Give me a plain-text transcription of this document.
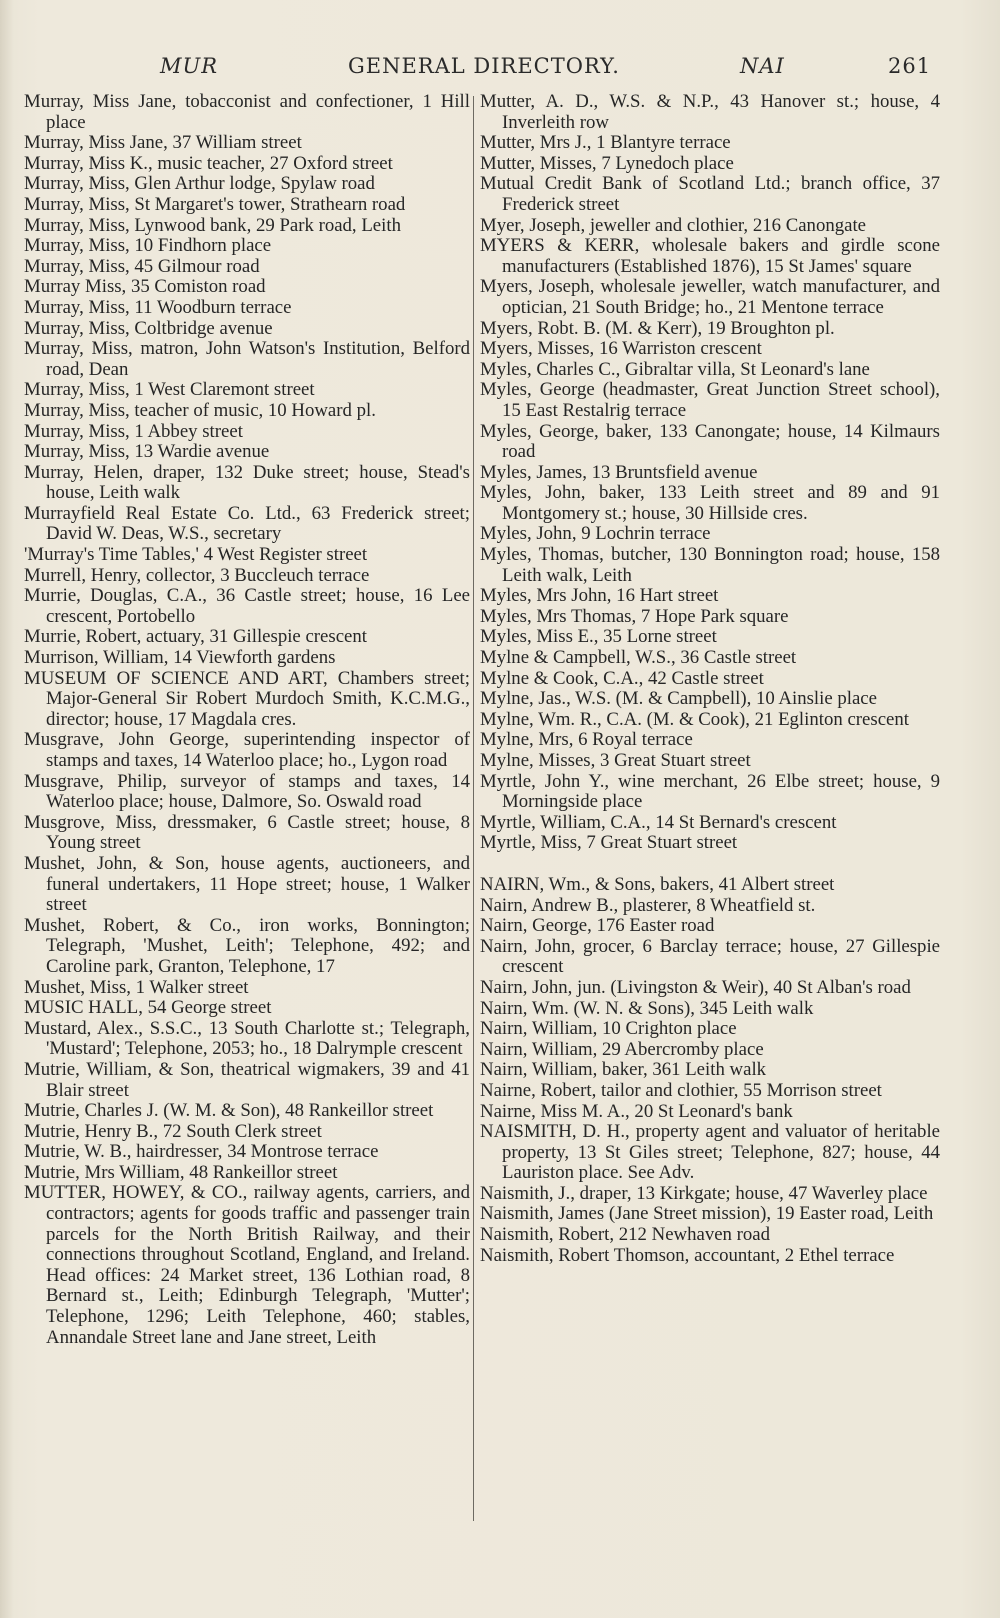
MUR	GENERAL DIRECTORY.	NAI	261

Murray, Miss Jane, tobacconist and confectioner, 1 Hill place

Murray, Miss Jane, 37 William street

Murray, Miss K., music teacher, 27 Oxford street

Murray, Miss, Glen Arthur lodge, Spylaw road

Murray, Miss, St Margaret's tower, Strathearn road

Murray, Miss, Lynwood bank, 29 Park road, Leith

Murray, Miss, 10 Findhorn place

Murray, Miss, 45 Gilmour road

Murray Miss, 35 Comiston road

Murray, Miss, 11 Woodburn terrace

Murray, Miss, Coltbridge avenue

Murray, Miss, matron, John Watson's Institution, Belford road, Dean

Murray, Miss, 1 West Claremont street

Murray, Miss, teacher of music, 10 Howard pl.

Murray, Miss, 1 Abbey street

Murray, Miss, 13 Wardie avenue

Murray, Helen, draper, 132 Duke street; house, Stead's house, Leith walk

Murrayfield Real Estate Co. Ltd., 63 Frederick street; David W. Deas, W.S., secretary

'Murray's Time Tables,' 4 West Register street

Murrell, Henry, collector, 3 Buccleuch terrace

Murrie, Douglas, C.A., 36 Castle street; house, 16 Lee crescent, Portobello

Murrie, Robert, actuary, 31 Gillespie crescent

Murrison, William, 14 Viewforth gardens

MUSEUM OF SCIENCE AND ART, Chambers street; Major-General Sir Robert Murdoch Smith, K.C.M.G., director; house, 17 Magdala cres.

Musgrave, John George, superintending inspector of stamps and taxes, 14 Waterloo place; ho., Lygon road

Musgrave, Philip, surveyor of stamps and taxes, 14 Waterloo place; house, Dalmore, So. Oswald road

Musgrove, Miss, dressmaker, 6 Castle street; house, 8 Young street

Mushet, John, & Son, house agents, auctioneers, and funeral undertakers, 11 Hope street; house, 1 Walker street

Mushet, Robert, & Co., iron works, Bonnington; Telegraph, 'Mushet, Leith'; Telephone, 492; and Caroline park, Granton, Telephone, 17

Mushet, Miss, 1 Walker street

MUSIC HALL, 54 George street

Mustard, Alex., S.S.C., 13 South Charlotte st.; Telegraph, 'Mustard'; Telephone, 2053; ho., 18 Dalrymple crescent

Mutrie, William, & Son, theatrical wigmakers, 39 and 41 Blair street

Mutrie, Charles J. (W. M. & Son), 48 Rankeillor street

Mutrie, Henry B., 72 South Clerk street

Mutrie, W. B., hairdresser, 34 Montrose terrace

Mutrie, Mrs William, 48 Rankeillor street

MUTTER, HOWEY, & CO., railway agents, carriers, and contractors; agents for goods traffic and passenger train parcels for the North British Railway, and their connections throughout Scotland, England, and Ireland. Head offices: 24 Market street, 136 Lothian road, 8 Bernard st., Leith; Edinburgh Telegraph, 'Mutter'; Telephone, 1296; Leith Telephone, 460; stables, Annandale Street lane and Jane street, Leith

Mutter, A. D., W.S. & N.P., 43 Hanover st.; house, 4 Inverleith row

Mutter, Mrs J., 1 Blantyre terrace

Mutter, Misses, 7 Lynedoch place

Mutual Credit Bank of Scotland Ltd.; branch office, 37 Frederick street

Myer, Joseph, jeweller and clothier, 216 Canongate

MYERS & KERR, wholesale bakers and girdle scone manufacturers (Established 1876), 15 St James' square

Myers, Joseph, wholesale jeweller, watch manufacturer, and optician, 21 South Bridge; ho., 21 Mentone terrace

Myers, Robt. B. (M. & Kerr), 19 Broughton pl.

Myers, Misses, 16 Warriston crescent

Myles, Charles C., Gibraltar villa, St Leonard's lane

Myles, George (headmaster, Great Junction Street school), 15 East Restalrig terrace

Myles, George, baker, 133 Canongate; house, 14 Kilmaurs road

Myles, James, 13 Bruntsfield avenue

Myles, John, baker, 133 Leith street and 89 and 91 Montgomery st.; house, 30 Hillside cres.

Myles, John, 9 Lochrin terrace

Myles, Thomas, butcher, 130 Bonnington road; house, 158 Leith walk, Leith

Myles, Mrs John, 16 Hart street

Myles, Mrs Thomas, 7 Hope Park square

Myles, Miss E., 35 Lorne street

Mylne & Campbell, W.S., 36 Castle street

Mylne & Cook, C.A., 42 Castle street

Mylne, Jas., W.S. (M. & Campbell), 10 Ainslie place

Mylne, Wm. R., C.A. (M. & Cook), 21 Eglinton crescent

Mylne, Mrs, 6 Royal terrace

Mylne, Misses, 3 Great Stuart street

Myrtle, John Y., wine merchant, 26 Elbe street; house, 9 Morningside place

Myrtle, William, C.A., 14 St Bernard's crescent

Myrtle, Miss, 7 Great Stuart street

NAIRN, Wm., & Sons, bakers, 41 Albert street

Nairn, Andrew B., plasterer, 8 Wheatfield st.

Nairn, George, 176 Easter road

Nairn, John, grocer, 6 Barclay terrace; house, 27 Gillespie crescent

Nairn, John, jun. (Livingston & Weir), 40 St Alban's road

Nairn, Wm. (W. N. & Sons), 345 Leith walk

Nairn, William, 10 Crighton place

Nairn, William, 29 Abercromby place

Nairn, William, baker, 361 Leith walk

Nairne, Robert, tailor and clothier, 55 Morrison street

Nairne, Miss M. A., 20 St Leonard's bank

NAISMITH, D. H., property agent and valuator of heritable property, 13 St Giles street; Telephone, 827; house, 44 Lauriston place. See Adv.

Naismith, J., draper, 13 Kirkgate; house, 47 Waverley place

Naismith, James (Jane Street mission), 19 Easter road, Leith

Naismith, Robert, 212 Newhaven road

Naismith, Robert Thomson, accountant, 2 Ethel terrace
